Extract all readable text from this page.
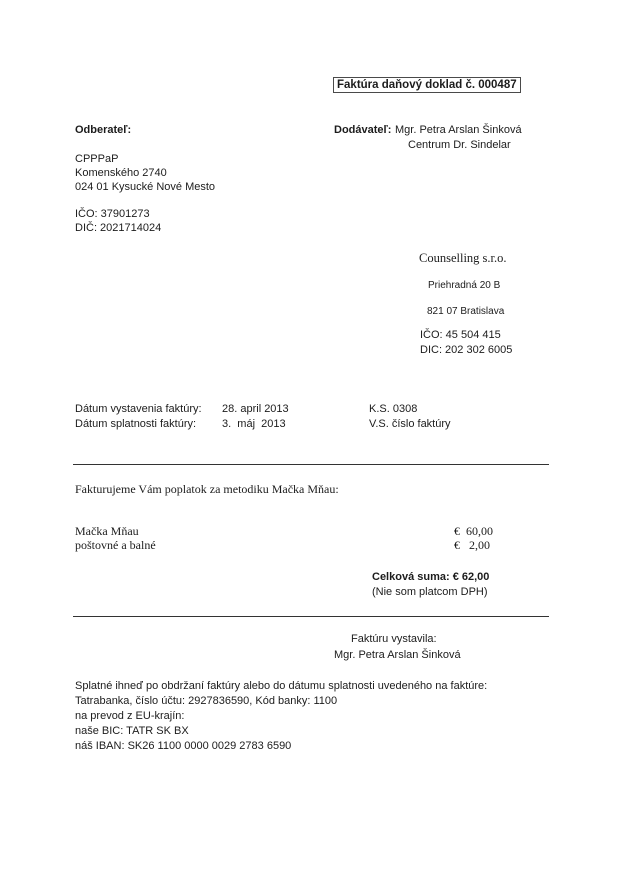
Faktúra daňový doklad č. 000487
Odberateľ:
CPPPaP
Komenského 2740
024 01 Kysucké Nové Mesto
IČO: 37901273
DIČ: 2021714024
Dodávateľ: Mgr. Petra Arslan Šinková
Centrum Dr. Sindelar
Counselling s.r.o.
Priehradná 20 B
821 07 Bratislava
IČO: 45 504 415
DIC: 202 302 6005
Dátum vystavenia faktúry: 28. april 2013
Dátum splatnosti faktúry: 3.  máj  2013
K.S. 0308
V.S. číslo faktúry
Fakturujeme Vám poplatok za metodiku Mačka Mňau:
Mačka Mňau	€  60,00
poštovné a balné	€   2,00
Celková suma: € 62,00
(Nie som platcom DPH)
Faktúru vystavila:
Mgr. Petra Arslan Šinková
Splatné ihneď po obdržaní faktúry alebo do dátumu splatnosti uvedeného na faktúre:
Tatrabanka, číslo účtu: 2927836590, Kód banky: 1100
na prevod z EU-krajín:
naše BIC: TATR SK BX
náš IBAN: SK26 1100 0000 0029 2783 6590
